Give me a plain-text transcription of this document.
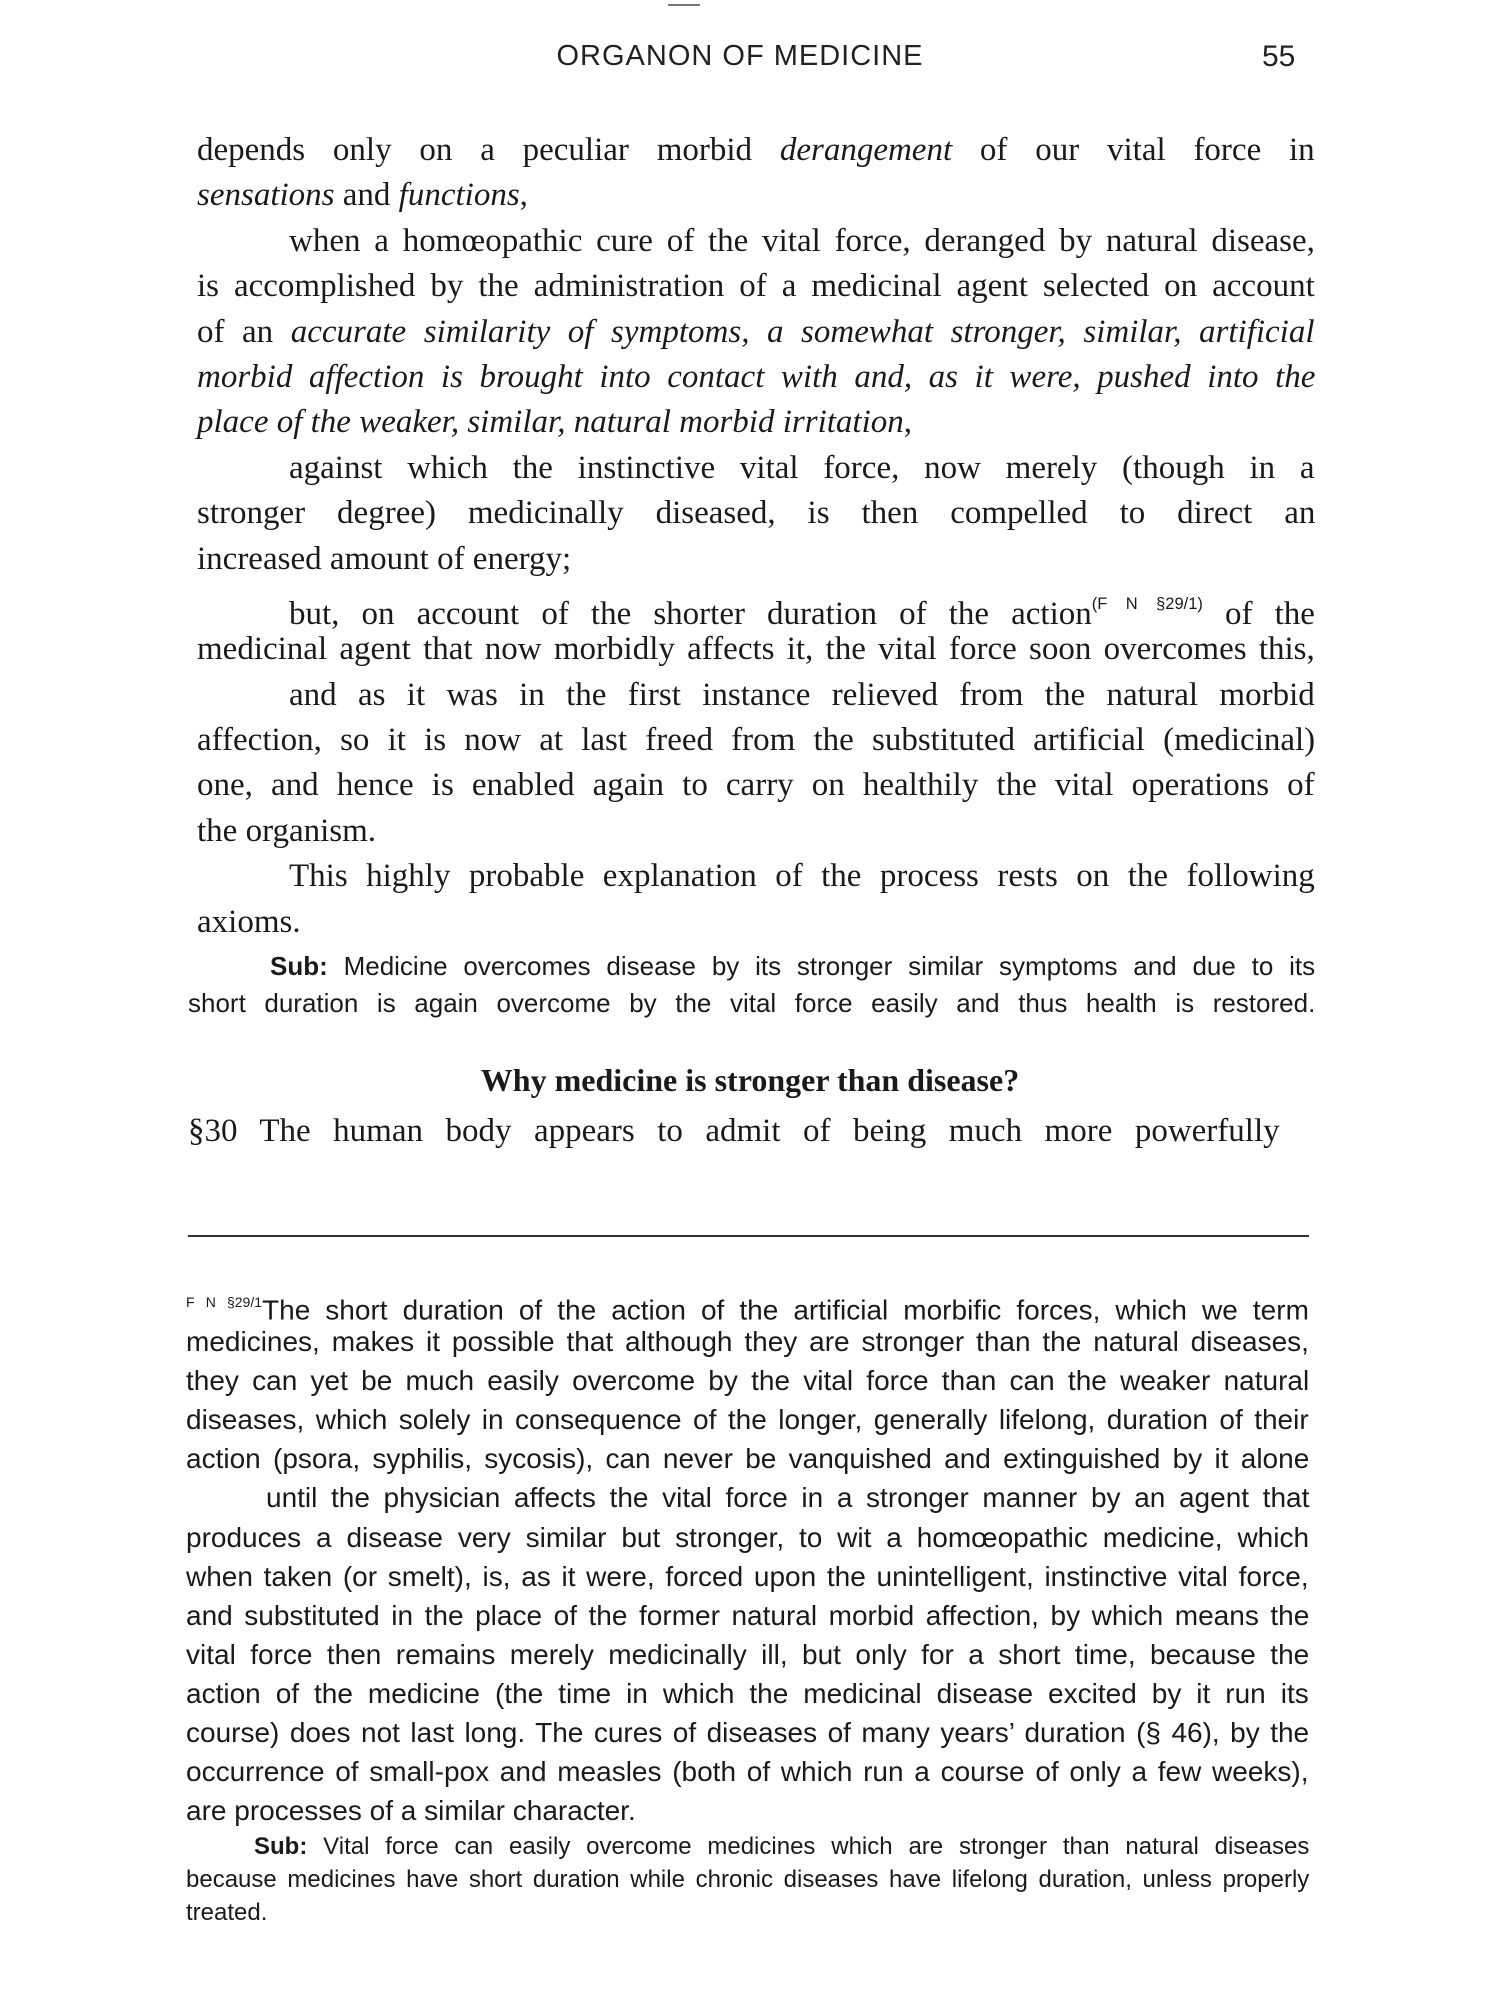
ORGANON OF MEDICINE	55
depends only on a peculiar morbid derangement of our vital force in
sensations and functions,
when a homœopathic cure of the vital force, deranged by natural disease,
is accomplished by the administration of a medicinal agent selected on account
of an accurate similarity of symptoms, a somewhat stronger, similar, artificial
morbid affection is brought into contact with and, as it were, pushed into the
place of the weaker, similar, natural morbid irritation,
against which the instinctive vital force, now merely (though in a
stronger degree) medicinally diseased, is then compelled to direct an
increased amount of energy;
but, on account of the shorter duration of the action$^{(F N \S 29/1)}$ of the
medicinal agent that now morbidly affects it, the vital force soon overcomes this,
and as it was in the first instance relieved from the natural morbid
affection, so it is now at last freed from the substituted artificial (medicinal)
one, and hence is enabled again to carry on healthily the vital operations of
the organism.
This highly probable explanation of the process rests on the following
axioms.
Sub: Medicine overcomes disease by its stronger similar symptoms and due to its
short duration is again overcome by the vital force easily and thus health is restored.
Why medicine is stronger than disease?
§30 The human body appears to admit of being much more powerfully
$^{F N \S 29/1}$The short duration of the action of the artificial morbific forces, which we term
medicines, makes it possible that although they are stronger than the natural diseases,
they can yet be much easily overcome by the vital force than can the weaker natural
diseases, which solely in consequence of the longer, generally lifelong, duration of their
action (psora, syphilis, sycosis), can never be vanquished and extinguished by it alone
until the physician affects the vital force in a stronger manner by an agent that
produces a disease very similar but stronger, to wit a homœopathic medicine, which
when taken (or smelt), is, as it were, forced upon the unintelligent, instinctive vital force,
and substituted in the place of the former natural morbid affection, by which means the
vital force then remains merely medicinally ill, but only for a short time, because the
action of the medicine (the time in which the medicinal disease excited by it run its
course) does not last long. The cures of diseases of many years’ duration (§ 46), by the
occurrence of small-pox and measles (both of which run a course of only a few weeks),
are processes of a similar character.
Sub: Vital force can easily overcome medicines which are stronger than natural diseases
because medicines have short duration while chronic diseases have lifelong duration, unless properly
treated.
